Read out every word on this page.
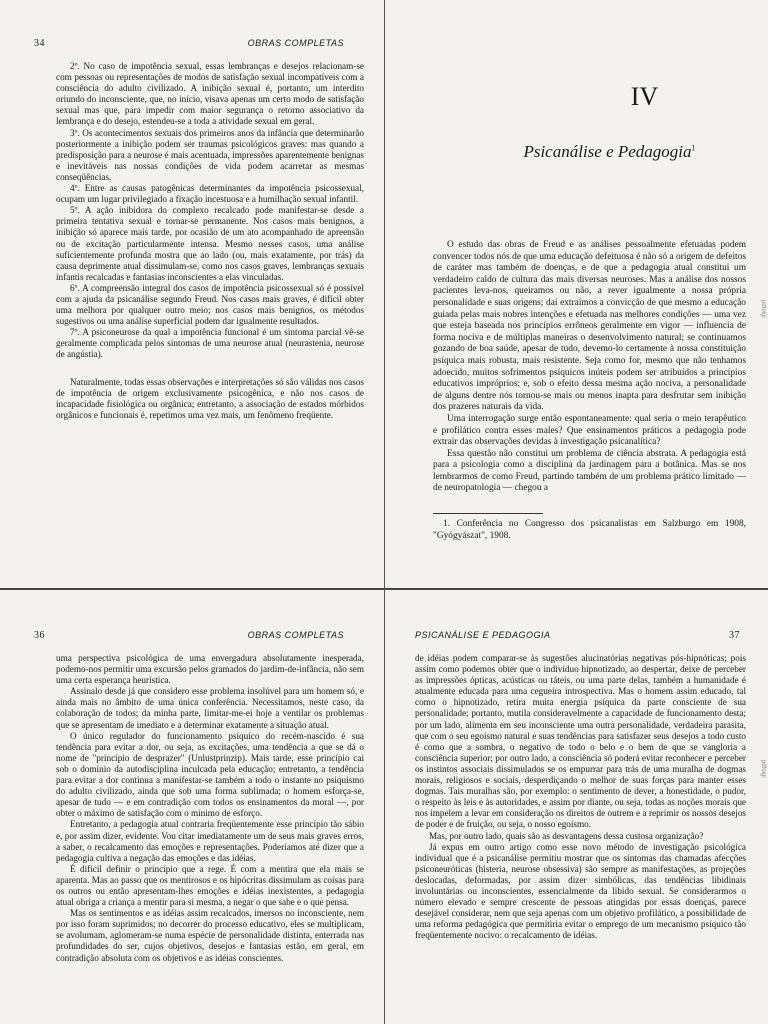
34	OBRAS COMPLETAS

2º. No caso de impotência sexual, essas lembranças e desejos relacionam-se com pessoas ou representações de modos de satisfação sexual incompatíveis com a consciência do adulto civilizado. A inibição sexual é, portanto, um interdito oriundo do inconsciente, que, no início, visava apenas um certo modo de satisfação sexual mas que, para impedir com maior segurança o retorno associativo da lembrança e do desejo, estendeu-se a toda a atividade sexual em geral.

3º. Os acontecimentos sexuais dos primeiros anos da infância que determinarão posteriormente a inibição podem ser traumas psicológicos graves: mas quando a predisposição para a neurose é mais acentuada, impressões aparentemente benignas e inevitáveis nas nossas condições de vida podem acarretar as mesmas conseqüências.

4º. Entre as causas patogênicas determinantes da impotência psicossexual, ocupam um lugar privilegiado a fixação incestuosa e a humilhação sexual infantil.

5º. A ação inibidora do complexo recalcado pode manifestar-se desde a primeira tentativa sexual e tornar-se permanente. Nos casos mais benignos, a inibição só aparece mais tarde, por ocasião de um ato acompanhado de apreensão ou de excitação particularmente intensa. Mesmo nesses casos, uma análise suficientemente profunda mostra que ao lado (ou, mais exatamente, por trás) da causa deprimente atual dissimulam-se, como nos casos graves, lembranças sexuais infantis recalcadas e fantasias inconscientes a elas vinculadas.

6º. A compreensão integral dos casos de impotência psicossexual só é possível com a ajuda da psicanálise segundo Freud. Nos casos mais graves, é difícil obter uma melhora por qualquer outro meio; nos casos mais benignos, os métodos sugestivos ou uma análise superficial podem dar igualmente resultados.

7º. A psiconeurose da qual a impotência funcional é um sintoma parcial vê-se geralmente complicada pelos sintomas de uma neurose atual (neurastenia, neurose de angústia).

Naturalmente, todas essas observações e interpretações só são válidas nos casos de impotência de origem exclusivamente psicogênica, e não nos casos de incapacidade fisiológica ou orgânica; entretanto, a associação de estados mórbidos orgânicos e funcionais é, repetimos uma vez mais, um fenômeno freqüente.

IV
Psicanálise e Pedagogia$^1$

O estudo das obras de Freud e as análises pessoalmente efetuadas podem convencer todos nós de que uma educação defeituosa é não só a origem de defeitos de caráter mas também de doenças, e de que a pedagogia atual constitui um verdadeiro caldo de cultura das mais diversas neuroses. Mas a análise dos nossos pacientes leva-nos, queiramos ou não, a rever igualmente a nossa própria personalidade e suas origens; daí extraímos a convicção de que mesmo a educação guiada pelas mais nobres intenções e efetuada nas melhores condições — uma vez que esteja baseada nos princípios errôneos geralmente em vigor — influencia de forma nociva e de múltiplas maneiras o desenvolvimento natural; se continuamos gozando de boa saúde, apesar de tudo, devemo-lo certamente à nossa constituição psíquica mais robusta, mais resistente. Seja como for, mesmo que não tenhamos adoecido, muitos sofrimentos psíquicos inúteis podem ser atribuídos a princípios educativos impróprios; e, sob o efeito dessa mesma ação nociva, a personalidade de alguns dentre nós tornou-se mais ou menos inapta para desfrutar sem inibição dos prazeres naturais da vida.

Uma interrogação surge então espontaneamente: qual seria o meio terapêutico e profilático contra esses males? Que ensinamentos práticos a pedagogia pode extrair das observações devidas à investigação psicanalítica?

Essa questão não constitui um problema de ciência abstrata. A pedagogia está para a psicologia como a disciplina da jardinagem para a botânica. Mas se nos lembrarmos de como Freud, partindo também de um problema prático limitado — de neuropatologia — chegou a

1. Conferência no Congresso dos psicanalistas em Salzburgo em 1908, "Gyógyászat", 1908.

pdfoigi
36	OBRAS COMPLETAS

uma perspectiva psicológica de uma envergadura absolutamente inesperada, podemo-nos permitir uma excursão pelos gramados do jardim-de-infância, não sem uma certa esperança heurística.

Assinalo desde já que considero esse problema insolúvel para um homem só, e ainda mais no âmbito de uma única conferência. Necessitamos, neste caso, da colaboração de todos; da minha parte, limitar-me-ei hoje a ventilar os problemas que se apresentam de imediato e a determinar exatamente a situação atual.

O único regulador do funcionamento psíquico do recém-nascido é sua tendência para evitar a dor, ou seja, as excitações, uma tendência a que se dá o nome de "princípio de desprazer" (Unlustprinzip). Mais tarde, esse princípio cai sob o domínio da autodisciplina inculcada pela educação; entretanto, a tendência para evitar a dor continua a manifestar-se também a todo o instante no psiquismo do adulto civilizado, ainda que sob uma forma sublimada; o homem esforça-se, apesar de tudo — e em contradição com todos os ensinamentos da moral —, por obter o máximo de satisfação com o mínimo de esforço.

Entretanto, a pedagogia atual contraria freqüentemente esse princípio tão sábio e, por assim dizer, evidente. Vou citar imediatamente um de seus mais graves erros, a saber, o recalcamento das emoções e representações. Poderíamos até dizer que a pedagogia cultiva a negação das emoções e das idéias.

É difícil definir o princípio que a rege. É com a mentira que ela mais se aparenta. Mas ao passo que os mentirosos e os hipócritas dissimulam as coisas para os outros ou então apresentam-lhes emoções e idéias inexistentes, a pedagogia atual obriga a criança a mentir para si mesma, a negar o que sabe e o que pensa.

Mas os sentimentos e as idéias assim recalcados, imersos no inconsciente, nem por isso foram suprimidos; no decorrer do processo educativo, eles se multiplicam, se avolumam, aglomeram-se numa espécie de personalidade distinta, enterrada nas profundidades do ser, cujos objetivos, desejos e fantasias estão, em geral, em contradição absoluta com os objetivos e as idéias conscientes.

PSICANÁLISE E PEDAGOGIA	37

de idéias podem comparar-se às sugestões alucinatórias negativas pós-hipnóticas; pois assim como podemos obter que o indivíduo hipnotizado, ao despertar, deixe de perceber as impressões ópticas, acústicas ou táteis, ou uma parte delas, também a humanidade é atualmente educada para uma cegueira introspectiva. Mas o homem assim educado, tal como o hipnotizado, retira muita energia psíquica da parte consciente de sua personalidade; portanto, mutila consideravelmente a capacidade de funcionamento desta; por um lado, alimenta em seu inconsciente uma outra personalidade, verdadeira parasita, que com o seu egoísmo natural e suas tendências para satisfazer seus desejos a todo custo é como que a sombra, o negativo de todo o belo e o bem de que se vangloria a consciência superior; por outro lado, a consciência só poderá evitar reconhecer e perceber os instintos associais dissimulados se os empurrar para trás de uma muralha de dogmas morais, religiosos e sociais, desperdiçando o melhor de suas forças para manter esses dogmas. Tais muralhas são, por exemplo: o sentimento de dever, a honestidade, o pudor, o respeito às leis e às autoridades, e assim por diante, ou seja, todas as noções morais que nos impelem a levar em consideração os direitos de outrem e a reprimir os nossos desejos de poder e de fruição, ou seja, o nosso egoísmo.

Mas, por outro lado, quais são as desvantagens dessa custosa organização?

Já expus em outro artigo como esse novo método de investigação psicológica individual que é a psicanálise permitiu mostrar que os sintomas das chamadas afecções psiconeuróticas (histeria, neurose obsessiva) são sempre as manifestações, as projeções deslocadas, deformadas, por assim dizer simbólicas, das tendências libidinais involuntárias ou inconscientes, essencialmente da libido sexual. Se considerarmos o número elevado e sempre crescente de pessoas atingidas por essas doenças, parece desejável considerar, nem que seja apenas com um objetivo profilático, a possibilidade de uma reforma pedagógica que permitiria evitar o emprego de um mecanismo psíquico tão freqüentemente nocivo: o recalcamento de idéias.

pdfoigi
